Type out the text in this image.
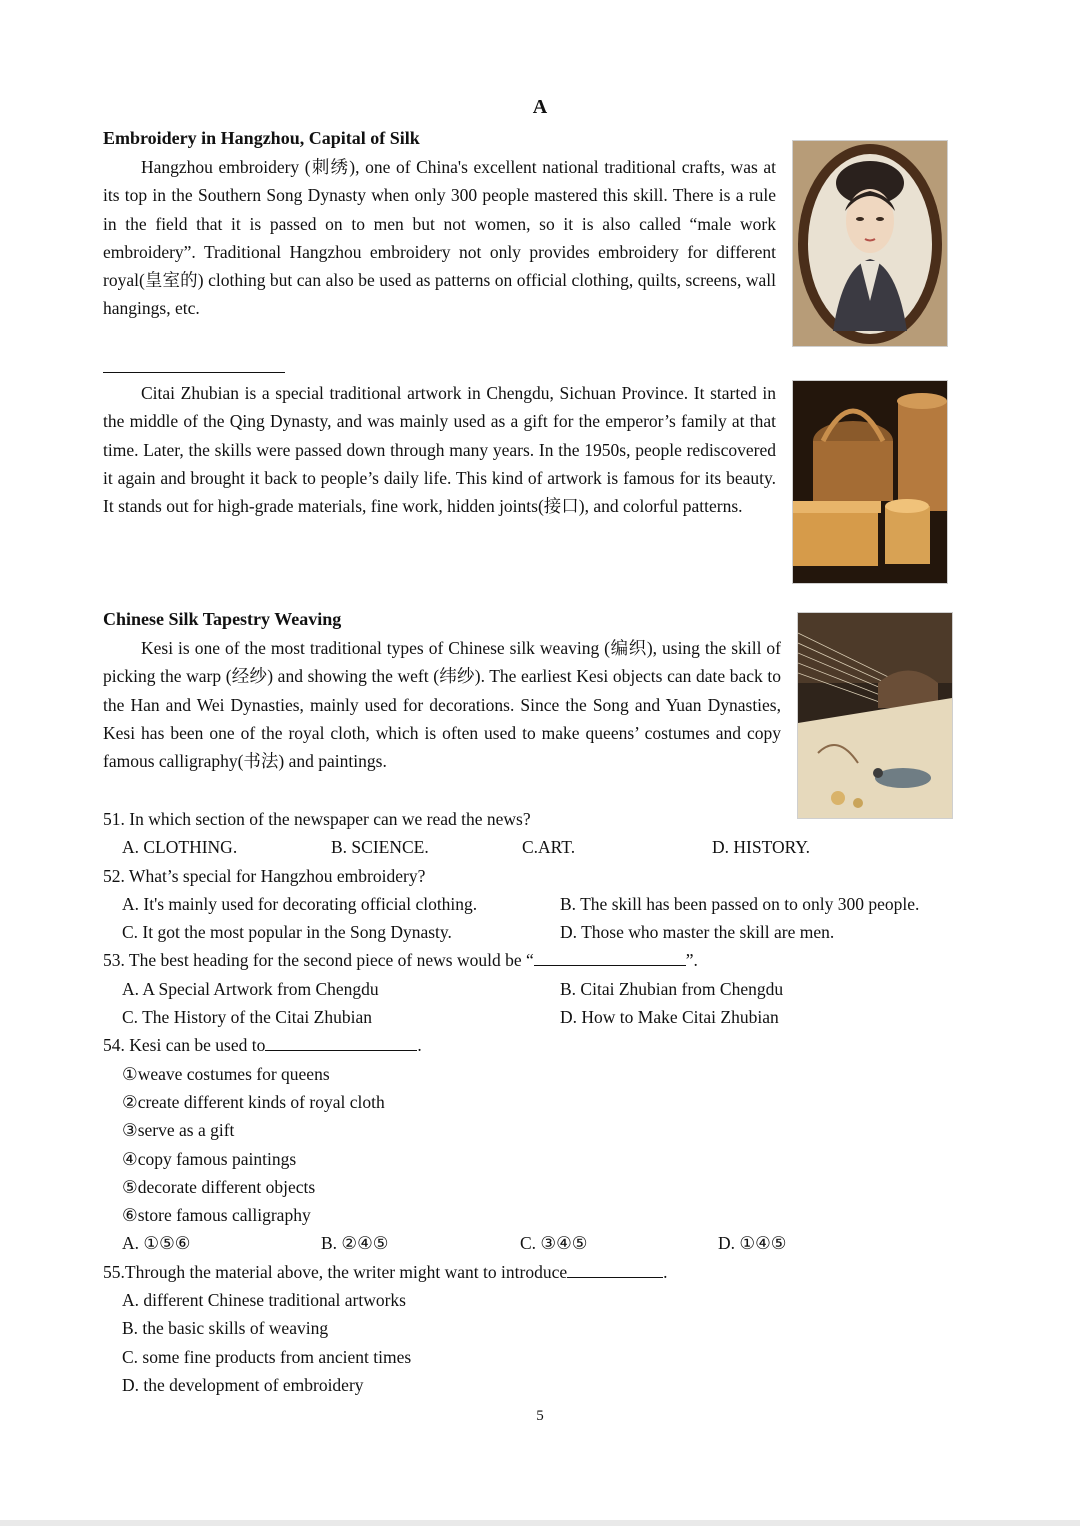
A
Embroidery in Hangzhou, Capital of Silk

Hangzhou embroidery (刺绣), one of China's excellent national traditional crafts, was at its top in the Southern Song Dynasty when only 300 people mastered this skill. There is a rule in the field that it is passed on to men but not women, so it is also called “male work embroidery”. Traditional Hangzhou embroidery not only provides embroidery for different royal(皇室的) clothing but can also be used as patterns on official clothing, quilts, screens, wall hangings, etc.

Citai Zhubian is a special traditional artwork in Chengdu, Sichuan Province. It started in the middle of the Qing Dynasty, and was mainly used as a gift for the emperor’s family at that time. Later, the skills were passed down through many years. In the 1950s, people rediscovered it again and brought it back to people’s daily life. This kind of artwork is famous for its beauty. It stands out for high-grade materials, fine work, hidden joints(接口), and colorful patterns.

Chinese Silk Tapestry Weaving

Kesi is one of the most traditional types of Chinese silk weaving (编织), using the skill of picking the warp (经纱) and showing the weft (纬纱). The earliest Kesi objects can date back to the Han and Wei Dynasties, mainly used for decorations. Since the Song and Yuan Dynasties, Kesi has been one of the royal cloth, which is often used to make queens’ costumes and copy famous calligraphy(书法) and paintings.

51. In which section of the newspaper can we read the news?
A. CLOTHING.	B. SCIENCE.	C.ART.	D. HISTORY.
52. What’s special for Hangzhou embroidery?
A. It's mainly used for decorating official clothing.	B. The skill has been passed on to only 300 people.
C. It got the most popular in the Song Dynasty.	D. Those who master the skill are men.
53. The best heading for the second piece of news would be “	”.
A. A Special Artwork from Chengdu	B. Citai Zhubian from Chengdu
C. The History of the Citai Zhubian	D. How to Make Citai Zhubian
54. Kesi can be used to	.
①weave costumes for queens
②create different kinds of royal cloth
③serve as a gift
④copy famous paintings
⑤decorate different objects
⑥store famous calligraphy
A. ①⑤⑥	B. ②④⑤	C. ③④⑤	D. ①④⑤
55.Through the material above, the writer might want to introduce	.
A. different Chinese traditional artworks
B. the basic skills of weaving
C. some fine products from ancient times
D. the development of embroidery
5
